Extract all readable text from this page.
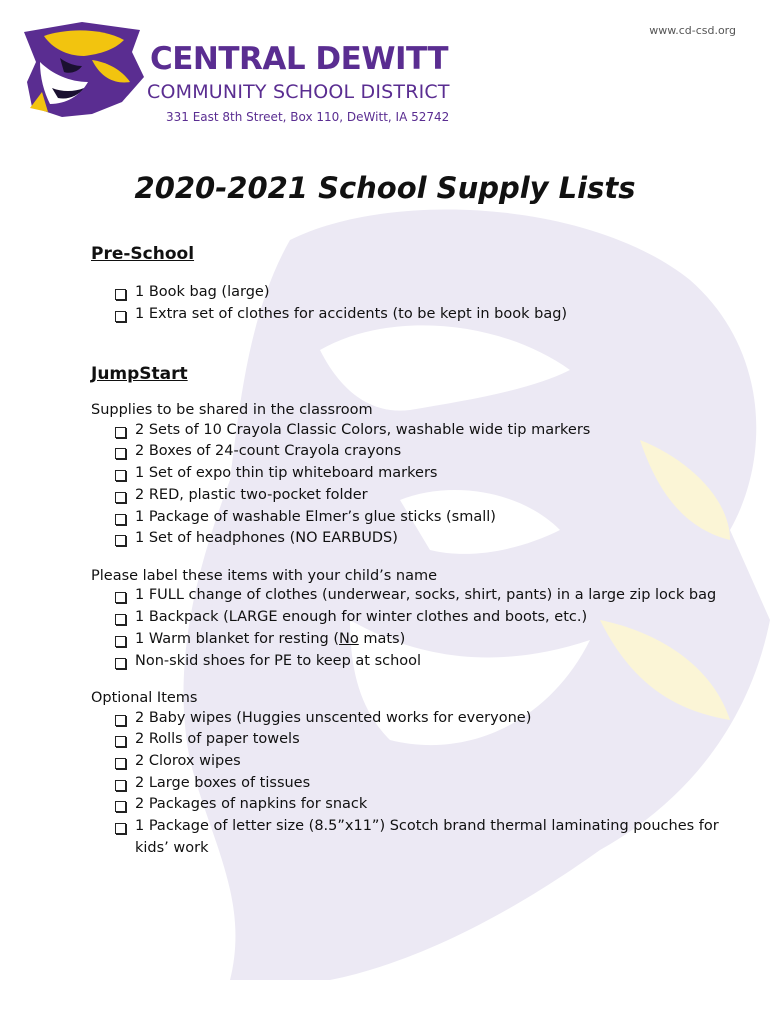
CENTRAL DEWITT
COMMUNITY SCHOOL DISTRICT
331 East 8th Street, Box 110, DeWitt, IA 52742
www.cd-csd.org
2020-2021 School Supply Lists
Pre-School
1 Book bag (large)
1 Extra set of clothes for accidents (to be kept in book bag)
JumpStart

Supplies to be shared in the classroom

2 Sets of 10 Crayola Classic Colors, washable wide tip markers
2 Boxes of 24-count Crayola crayons
1 Set of expo thin tip whiteboard markers
2 RED, plastic two-pocket folder
1 Package of washable Elmer’s glue sticks (small)
1 Set of headphones (NO EARBUDS)

Please label these items with your child’s name

1 FULL change of clothes (underwear, socks, shirt, pants) in a large zip lock bag
1 Backpack (LARGE enough for winter clothes and boots, etc.)
1 Warm blanket for resting (No mats)
Non-skid shoes for PE to keep at school

Optional Items

2 Baby wipes (Huggies unscented works for everyone)
2 Rolls of paper towels
2 Clorox wipes
2 Large boxes of tissues
2 Packages of napkins for snack
1 Package of letter size (8.5”x11”) Scotch brand thermal laminating pouches for kids’ work
